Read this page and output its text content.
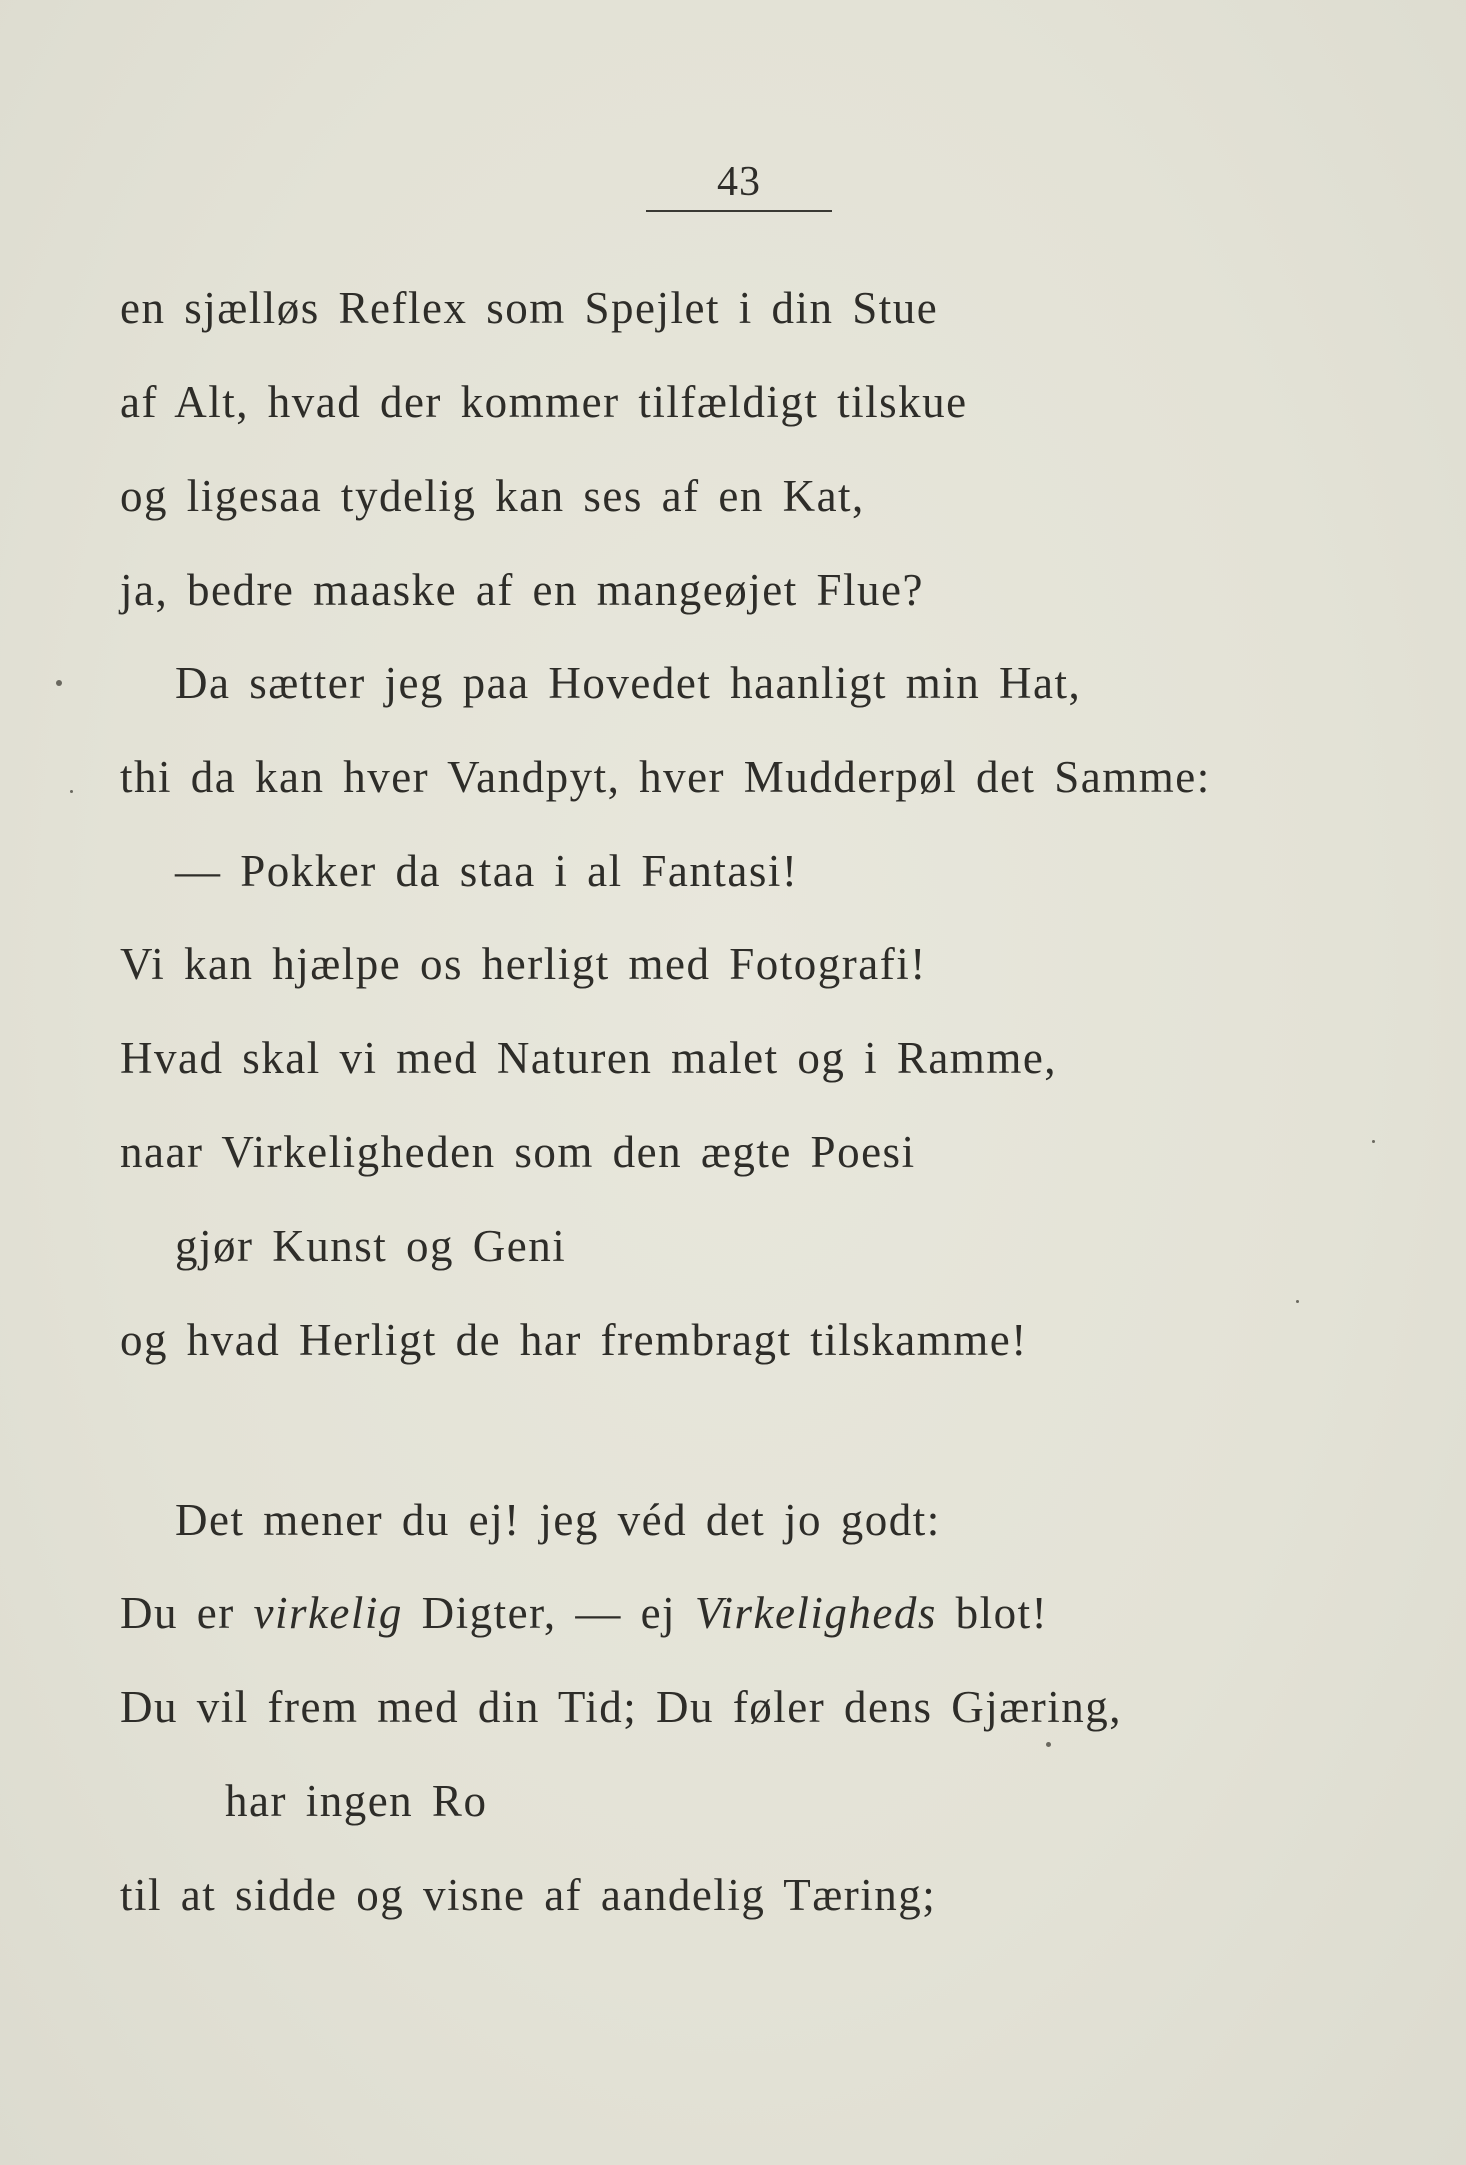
43
en sjælløs Reflex som Spejlet i din Stue
af Alt, hvad der kommer tilfældigt tilskue
og ligesaa tydelig kan ses af en Kat,
ja, bedre maaske af en mangeøjet Flue?
Da sætter jeg paa Hovedet haanligt min Hat,
thi da kan hver Vandpyt, hver Mudderpøl det Samme:
— Pokker da staa i al Fantasi!
Vi kan hjælpe os herligt med Fotografi!
Hvad skal vi med Naturen malet og i Ramme,
naar Virkeligheden som den ægte Poesi
gjør Kunst og Geni
og hvad Herligt de har frembragt tilskamme!
Det mener du ej! jeg véd det jo godt:
Du er virkelig Digter, — ej Virkeligheds blot!
Du vil frem med din Tid; Du føler dens Gjæring,
har ingen Ro
til at sidde og visne af aandelig Tæring;
